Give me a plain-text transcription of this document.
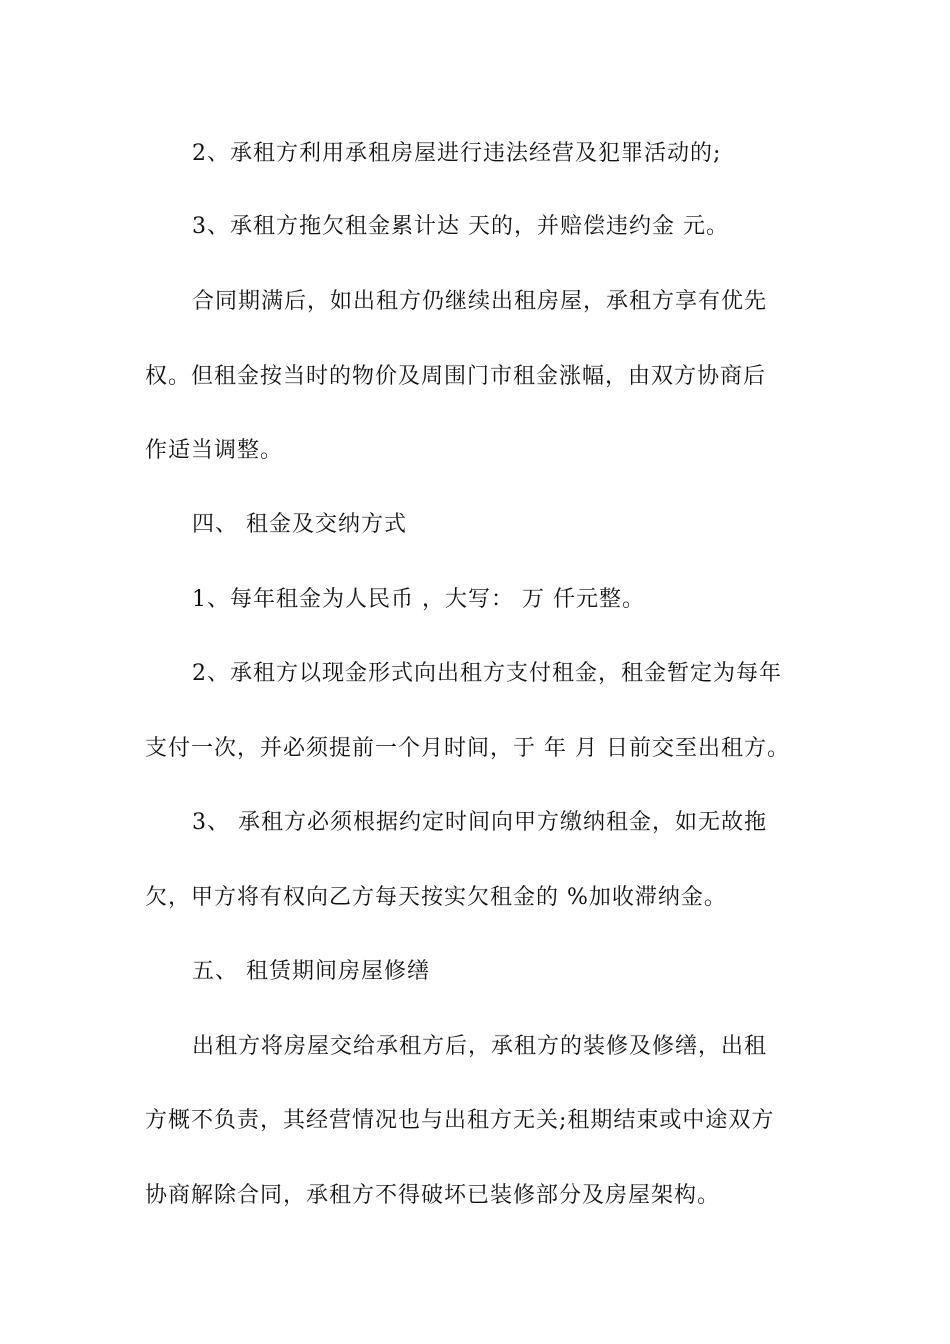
2、承租方利用承租房屋进行违法经营及犯罪活动的;
3、承租方拖欠租金累计达 天的，并赔偿违约金 元。
合同期满后，如出租方仍继续出租房屋，承租方享有优先
权。但租金按当时的物价及周围门市租金涨幅，由双方协商后
作适当调整。
四、 租金及交纳方式
1、每年租金为人民币 ，大写： 万 仟元整。
2、承租方以现金形式向出租方支付租金，租金暂定为每年
支付一次，并必须提前一个月时间，于 年 月 日前交至出租方。
3、 承租方必须根据约定时间向甲方缴纳租金，如无故拖
欠，甲方将有权向乙方每天按实欠租金的 %加收滞纳金。
五、 租赁期间房屋修缮
出租方将房屋交给承租方后，承租方的装修及修缮，出租
方概不负责，其经营情况也与出租方无关;租期结束或中途双方
协商解除合同，承租方不得破坏已装修部分及房屋架构。
